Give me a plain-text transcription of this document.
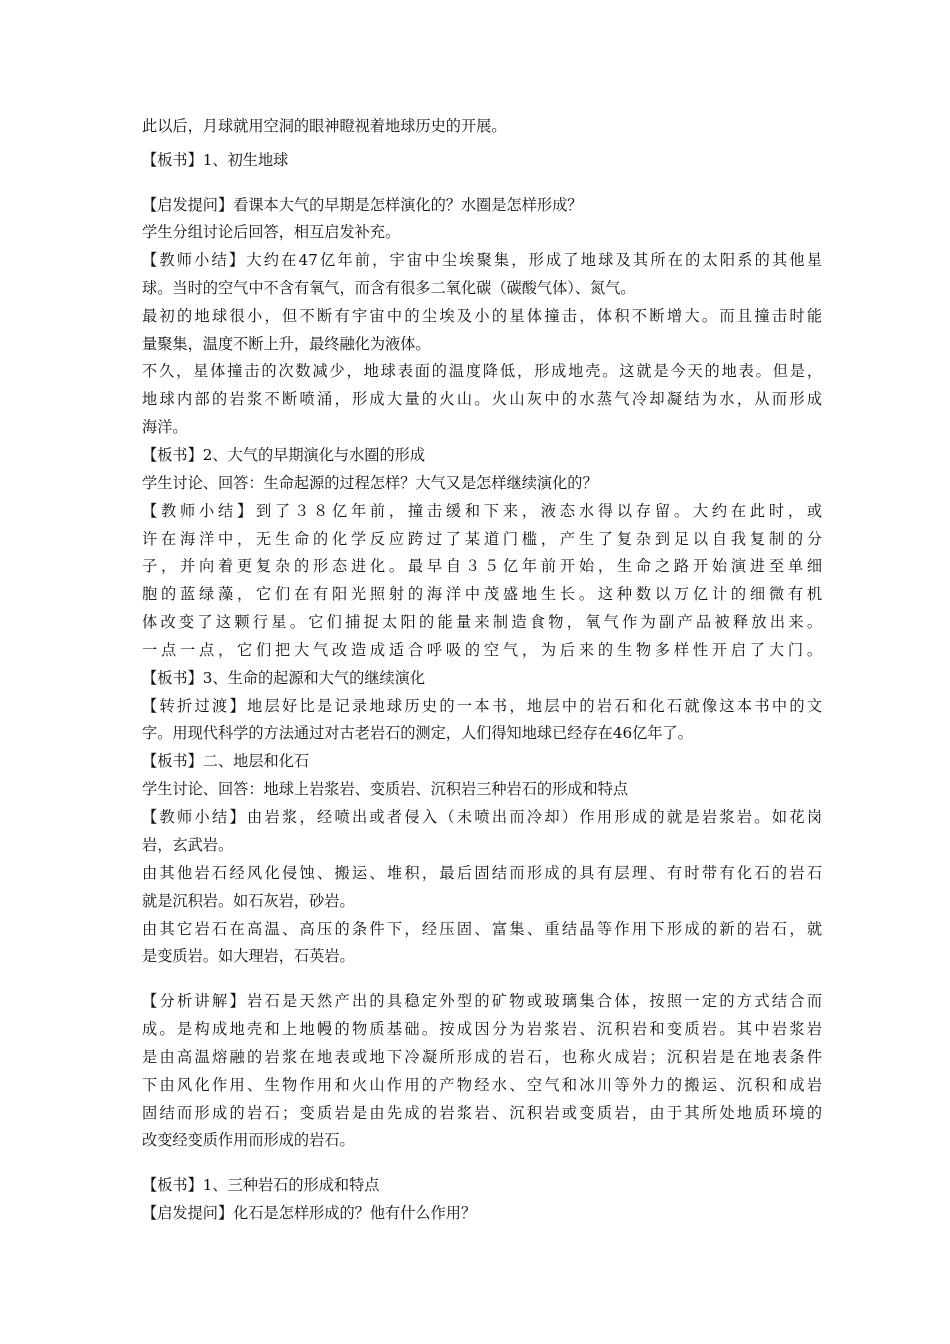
此以后，月球就用空洞的眼神瞪视着地球历史的开展。
【板书】1、初生地球
【启发提问】看课本大气的早期是怎样演化的？水圈是怎样形成？
学生分组讨论后回答，相互启发补充。
【教师小结】大约在47亿年前，宇宙中尘埃聚集，形成了地球及其所在的太阳系的其他星
球。当时的空气中不含有氧气，而含有很多二氧化碳（碳酸气体）、氮气。
最初的地球很小，但不断有宇宙中的尘埃及小的星体撞击，体积不断增大。而且撞击时能
量聚集，温度不断上升，最终融化为液体。
不久，星体撞击的次数减少，地球表面的温度降低，形成地壳。这就是今天的地表。但是，
地球内部的岩浆不断喷涌，形成大量的火山。火山灰中的水蒸气冷却凝结为水，从而形成
海洋。
【板书】2、大气的早期演化与水圈的形成
学生讨论、回答：生命起源的过程怎样？大气又是怎样继续演化的？
【教师小结】到了３８亿年前，撞击缓和下来，液态水得以存留。大约在此时，或
许在海洋中，无生命的化学反应跨过了某道门槛，产生了复杂到足以自我复制的分
子，并向着更复杂的形态进化。最早自３５亿年前开始，生命之路开始演进至单细
胞的蓝绿藻，它们在有阳光照射的海洋中茂盛地生长。这种数以万亿计的细微有机
体改变了这颗行星。它们捕捉太阳的能量来制造食物，氧气作为副产品被释放出来。
一点一点，它们把大气改造成适合呼吸的空气，为后来的生物多样性开启了大门。
【板书】3、生命的起源和大气的继续演化
【转折过渡】地层好比是记录地球历史的一本书，地层中的岩石和化石就像这本书中的文
字。用现代科学的方法通过对古老岩石的测定，人们得知地球已经存在46亿年了。
【板书】二、地层和化石
学生讨论、回答：地球上岩浆岩、变质岩、沉积岩三种岩石的形成和特点
【教师小结】由岩浆，经喷出或者侵入（未喷出而冷却）作用形成的就是岩浆岩。如花岗
岩，玄武岩。
由其他岩石经风化侵蚀、搬运、堆积，最后固结而形成的具有层理、有时带有化石的岩石
就是沉积岩。如石灰岩，砂岩。
由其它岩石在高温、高压的条件下，经压固、富集、重结晶等作用下形成的新的岩石，就
是变质岩。如大理岩，石英岩。
【分析讲解】岩石是天然产出的具稳定外型的矿物或玻璃集合体，按照一定的方式结合而
成。是构成地壳和上地幔的物质基础。按成因分为岩浆岩、沉积岩和变质岩。其中岩浆岩
是由高温熔融的岩浆在地表或地下冷凝所形成的岩石，也称火成岩；沉积岩是在地表条件
下由风化作用、生物作用和火山作用的产物经水、空气和冰川等外力的搬运、沉积和成岩
固结而形成的岩石；变质岩是由先成的岩浆岩、沉积岩或变质岩，由于其所处地质环境的
改变经变质作用而形成的岩石。
【板书】1、三种岩石的形成和特点
【启发提问】化石是怎样形成的？他有什么作用？
